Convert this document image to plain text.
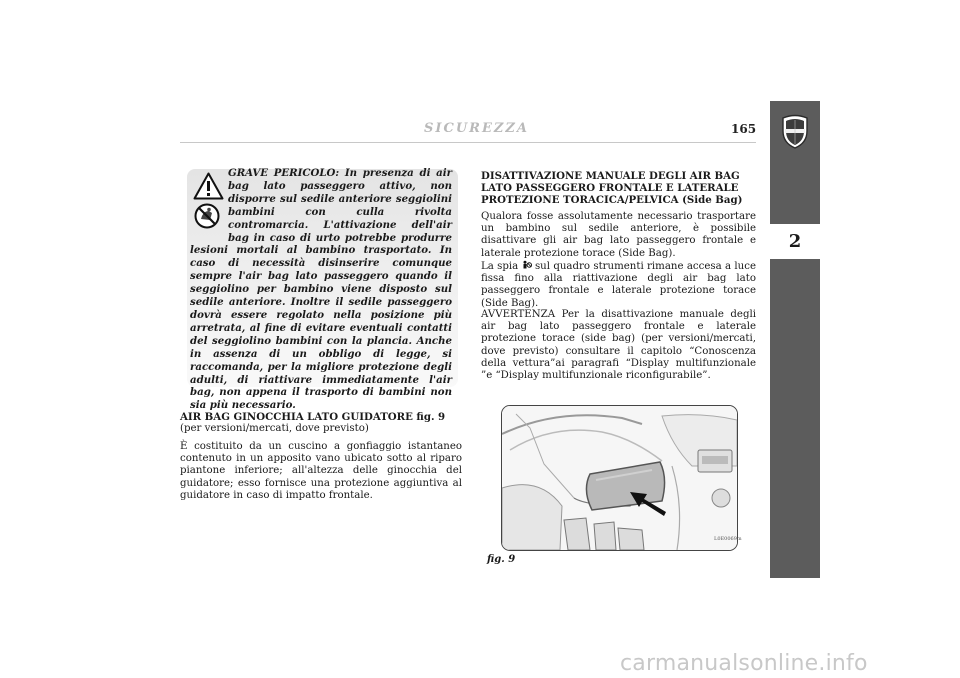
SICUREZZA	165
2
GRAVE PERICOLO: In presenza di air bag lato passeggero attivo, non disporre sul sedile anteriore seggiolini bambini con culla rivolta contromarcia. L'attivazione dell'air bag in caso di urto potrebbe produrre lesioni mortali al bambino trasportato. In caso di necessità disinserire comunque sempre l'air bag lato passeggero quando il seggiolino per bambino viene disposto sul sedile anteriore. Inoltre il sedile passeggero dovrà essere regolato nella posizione più arretrata, al fine di evitare eventuali contatti del seggiolino bambini con la plancia. Anche in assenza di un obbligo di legge, si raccomanda, per la migliore protezione degli adulti, di riattivare immediatamente l'air bag, non appena il trasporto di bambini non sia più necessario.
AIR BAG GINOCCHIA LATO GUIDATORE fig. 9
(per versioni/mercati, dove previsto)
È costituito da un cuscino a gonfiaggio istantaneo contenuto in un apposito vano ubicato sotto al riparo piantone inferiore; all'altezza delle ginocchia del guidatore; esso fornisce una protezione aggiuntiva al guidatore in caso di impatto frontale.
DISATTIVAZIONE MANUALE DEGLI AIR BAG LATO PASSEGGERO FRONTALE E LATERALE PROTEZIONE TORACICA/PELVICA (Side Bag)
Qualora fosse assolutamente necessario trasportare un bambino sul sedile anteriore, è possibile disattivare gli air bag lato passeggero frontale e laterale protezione torace (Side Bag).
La spia sul quadro strumenti rimane accesa a luce fissa fino alla riattivazione degli air bag lato passeggero frontale e laterale protezione torace (Side Bag).
AVVERTENZA Per la disattivazione manuale degli air bag lato passeggero frontale e laterale protezione torace (side bag) (per versioni/mercati, dove previsto) consultare il capitolo “Conoscenza della vettura”ai paragrafi “Display multifunzionale ”e “Display multifunzionale riconfigurabile”.
L0E0069m
fig. 9
carmanualsonline.info
